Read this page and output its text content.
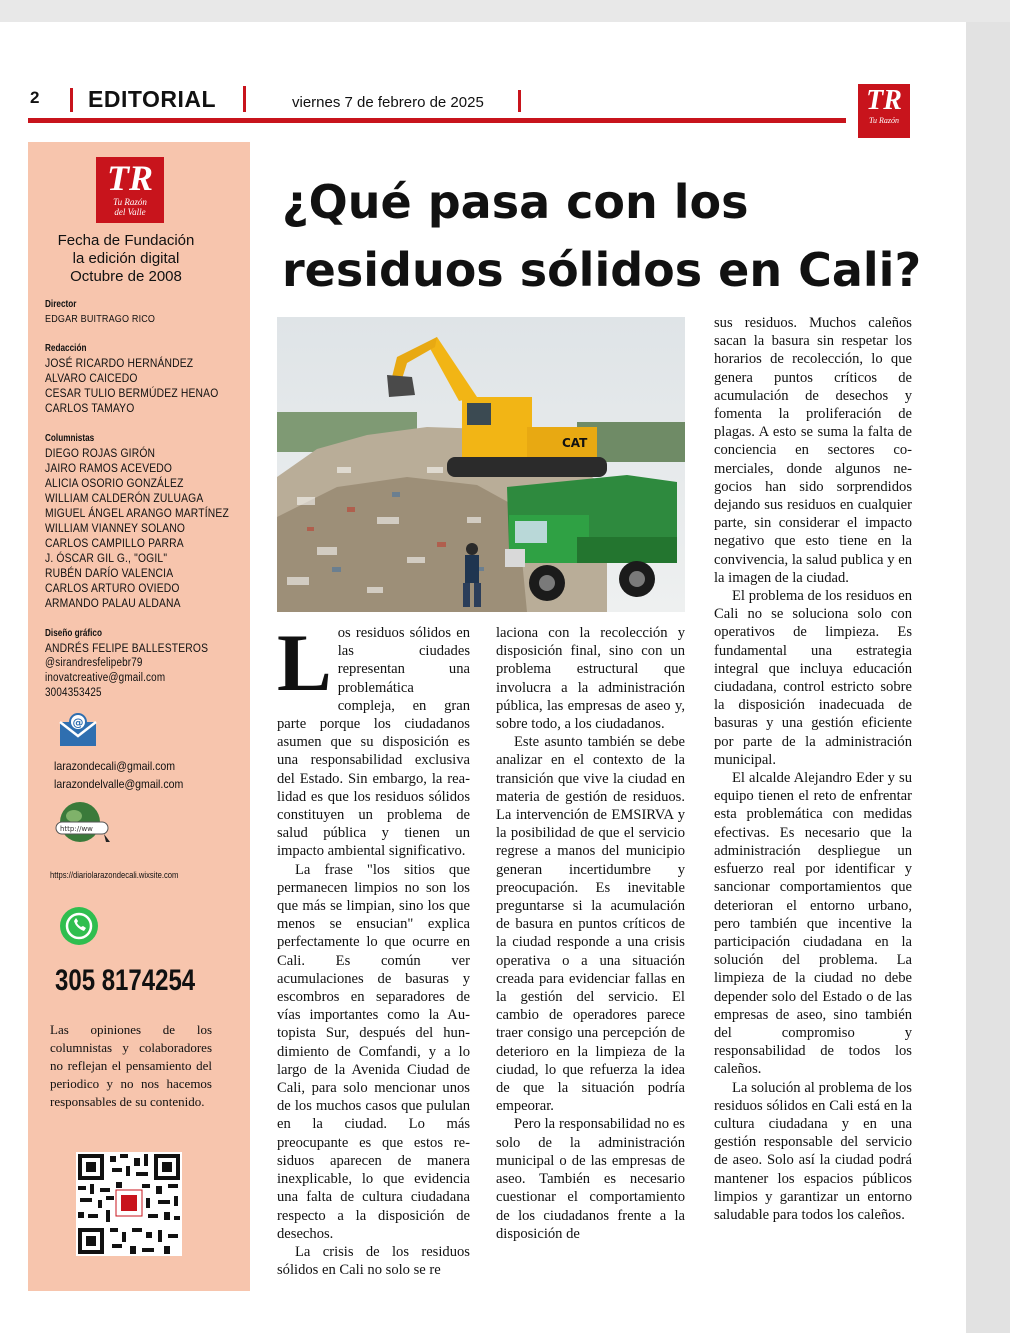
2 EDITORIAL	viernes 7 de febrero de 2025	TR
Tu Razón
TR
Tu Razón
del Valle
Fecha de Fundación
la edición digital
Octubre de 2008
Director
EDGAR BUITRAGO RICO
Redacción
JOSÉ RICARDO HERNÁNDEZ
ALVARO CAICEDO
CESAR TULIO BERMÚDEZ HENAO
CARLOS TAMAYO
Columnistas
DIEGO ROJAS GIRÓN
JAIRO RAMOS ACEVEDO
ALICIA OSORIO GONZÁLEZ
WILLIAM CALDERÓN ZULUAGA
MIGUEL ÁNGEL ARANGO MARTÍNEZ
WILLIAM VIANNEY SOLANO
CARLOS CAMPILLO PARRA
J. ÓSCAR GIL G., "OGIL"
RUBÉN DARÍO VALENCIA
CARLOS ARTURO OVIEDO
ARMANDO PALAU ALDANA
Diseño gráfico
ANDRÉS FELIPE BALLESTEROS
@sirandresfelipebr79
inovatcreative@gmail.com
3004353425
@
larazondecali@gmail.com
larazondelvalle@gmail.com
http://ww
https://diariolarazondecali.wixsite.com
305 8174254
Las opiniones de los columnistas y colaboradores no reflejan el pensamiento del periodico y no nos hacemos responsables de su contenido.
¿Qué pasa con los
residuos sólidos en Cali?
CAT

Los residuos sólidos en las ciudades representan una problemática compleja, en gran parte porque los ciudadanos asumen que su disposición es una responsabilidad exclusiva del Estado. Sin embargo, la realidad es que los residuos sólidos constituyen un problema de salud pública y tienen un impacto ambiental significativo.

La frase "los sitios que permanecen limpios no son los que más se limpian, sino los que menos se ensucian" explica perfectamente lo que ocurre en Cali. Es común ver acumulaciones de basuras y escombros en separadores de vías importantes como la Autopista Sur, después del hundimiento de Comfandi, y a lo largo de la Avenida Ciudad de Cali, para solo mencionar unos de los muchos casos que pululan en la ciudad. Lo más preocupante es que estos residuos aparecen de manera inexplicable, lo que evidencia una falta de cultura ciudadana respecto a la disposición de desechos.

La crisis de los residuos sólidos en Cali no solo se re

laciona con la recolección y disposición final, sino con un problema estructural que involucra a la administración pública, las empresas de aseo y, sobre todo, a los ciudadanos.

Este asunto también se debe analizar en el contexto de la transición que vive la ciudad en materia de gestión de residuos. La intervención de EMSIRVA y la posibilidad de que el servicio regrese a manos del municipio generan incertidumbre y preocupación. Es inevitable preguntarse si la acumulación de basura en puntos críticos de la ciudad responde a una crisis operativa o a una situación creada para evidenciar fallas en la gestión del servicio. El cambio de operadores parece traer consigo una percepción de deterioro en la limpieza de la ciudad, lo que refuerza la idea de que la situación podría empeorar.

Pero la responsabilidad no es solo de la administración municipal o de las empresas de aseo. También es necesario cuestionar el comportamiento de los ciudadanos frente a la disposición de

sus residuos. Muchos caleños sacan la basura sin respetar los horarios de recolección, lo que genera puntos críticos de acumulación de desechos y fomenta la proliferación de plagas. A esto se suma la falta de conciencia en sectores comerciales, donde algunos negocios han sido sorprendidos dejando sus residuos en cualquier parte, sin considerar el impacto negativo que esto tiene en la convivencia, la salud publica y en la imagen de la ciudad.

El problema de los residuos en Cali no se soluciona solo con operativos de limpieza. Es fundamental una estrategia integral que incluya educación ciudadana, control estricto sobre la disposición inadecuada de basuras y una gestión eficiente por parte de la administración municipal.

El alcalde Alejandro Eder y su equipo tienen el reto de enfrentar esta problemática con medidas efectivas. Es necesario que la administración despliegue un esfuerzo real por identificar y sancionar comportamientos que deterioran el entorno urbano, pero también que incentive la participación ciudadana en la solución del problema. La limpieza de la ciudad no debe depender solo del Estado o de las empresas de aseo, sino también del compromiso y responsabilidad de todos los caleños.

La solución al problema de los residuos sólidos en Cali está en la cultura ciudadana y en una gestión responsable del servicio de aseo. Solo así la ciudad podrá mantener los espacios públicos limpios y garantizar un entorno saludable para todos los caleños.
